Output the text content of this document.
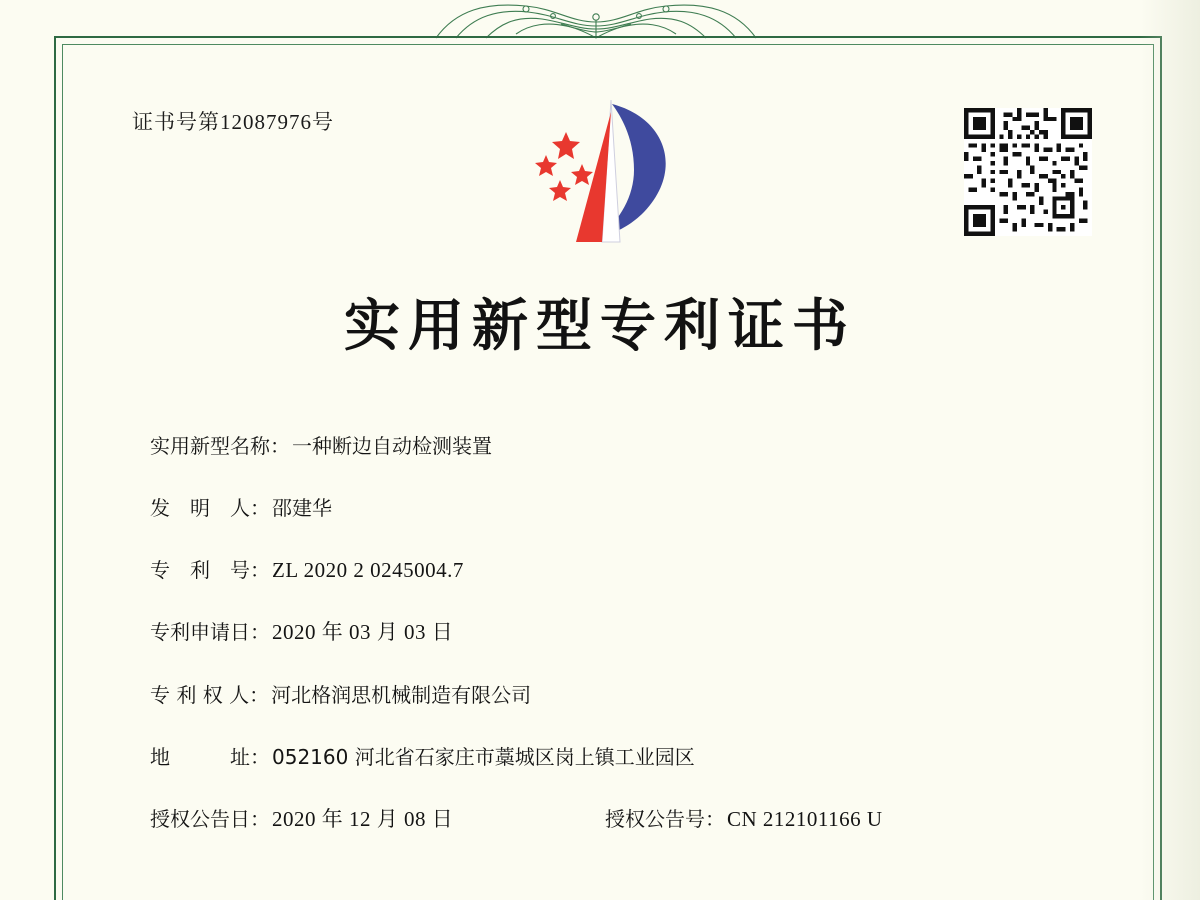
证书号第12087976号
实用新型专利证书
实用新型名称： 一种断边自动检测装置
发　明　人： 邵建华
专　利　号： ZL 2020 2 0245004.7
专利申请日： 2020 年 03 月 03 日
专 利 权 人： 河北格润思机械制造有限公司
地　　　址： 052160 河北省石家庄市藁城区岗上镇工业园区
授权公告日： 2020 年 12 月 08 日	授权公告号： CN 212101166 U
